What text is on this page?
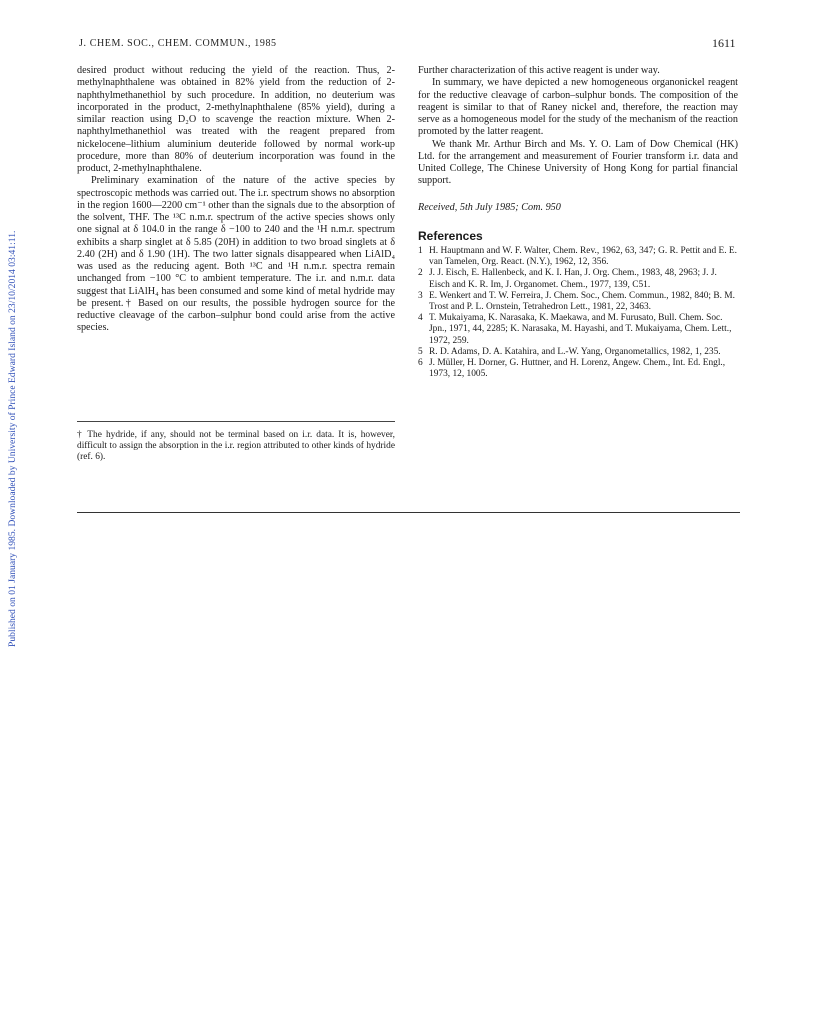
Published on 01 January 1985. Downloaded by University of Prince Edward Island on 23/10/2014 03:41:11.
J. CHEM. SOC., CHEM. COMMUN., 1985	1611

desired product without reducing the yield of the reaction. Thus, 2-methylnaphthalene was obtained in 82% yield from the reduction of 2-naphthylmethanethiol by such procedure. In addition, no deuterium was incorporated in the product, 2-methylnaphthalene (85% yield), during a similar reaction using D₂O to scavenge the reaction mixture. When 2-naphthylmethanethiol was treated with the reagent prepared from nickelocene–lithium aluminium deuteride followed by normal work-up procedure, more than 80% of deuterium incorporation was found in the product, 2-methylnaphthalene.

Preliminary examination of the nature of the active species by spectroscopic methods was carried out. The i.r. spectrum shows no absorption in the region 1600—2200 cm⁻¹ other than the signals due to the absorption of the solvent, THF. The ¹³C n.m.r. spectrum of the active species shows only one signal at δ 104.0 in the range δ −100 to 240 and the ¹H n.m.r. spectrum exhibits a sharp singlet at δ 5.85 (20H) in addition to two broad singlets at δ 2.40 (2H) and δ 1.90 (1H). The two latter signals disappeared when LiAlD₄ was used as the reducing agent. Both ¹³C and ¹H n.m.r. spectra remain unchanged from −100 °C to ambient temperature. The i.r. and n.m.r. data suggest that LiAlH₄ has been consumed and some kind of metal hydride may be present.† Based on our results, the possible hydrogen source for the reductive cleavage of the carbon–sulphur bond could arise from the active species.

† The hydride, if any, should not be terminal based on i.r. data. It is, however, difficult to assign the absorption in the i.r. region attributed to other kinds of hydride (ref. 6).

Further characterization of this active reagent is under way.

In summary, we have depicted a new homogeneous organonickel reagent for the reductive cleavage of carbon–sulphur bonds. The composition of the reagent is similar to that of Raney nickel and, therefore, the reaction may serve as a homogeneous model for the study of the mechanism of the reaction promoted by the latter reagent.

We thank Mr. Arthur Birch and Ms. Y. O. Lam of Dow Chemical (HK) Ltd. for the arrangement and measurement of Fourier transform i.r. data and United College, The Chinese University of Hong Kong for partial financial support.

Received, 5th July 1985; Com. 950

References
1 H. Hauptmann and W. F. Walter, Chem. Rev., 1962, 63, 347; G. R. Pettit and E. E. van Tamelen, Org. React. (N.Y.), 1962, 12, 356.
2 J. J. Eisch, E. Hallenbeck, and K. I. Han, J. Org. Chem., 1983, 48, 2963; J. J. Eisch and K. R. Im, J. Organomet. Chem., 1977, 139, C51.
3 E. Wenkert and T. W. Ferreira, J. Chem. Soc., Chem. Commun., 1982, 840; B. M. Trost and P. L. Ornstein, Tetrahedron Lett., 1981, 22, 3463.
4 T. Mukaiyama, K. Narasaka, K. Maekawa, and M. Furusato, Bull. Chem. Soc. Jpn., 1971, 44, 2285; K. Narasaka, M. Hayashi, and T. Mukaiyama, Chem. Lett., 1972, 259.
5 R. D. Adams, D. A. Katahira, and L.-W. Yang, Organometallics, 1982, 1, 235.
6 J. Müller, H. Dorner, G. Huttner, and H. Lorenz, Angew. Chem., Int. Ed. Engl., 1973, 12, 1005.
